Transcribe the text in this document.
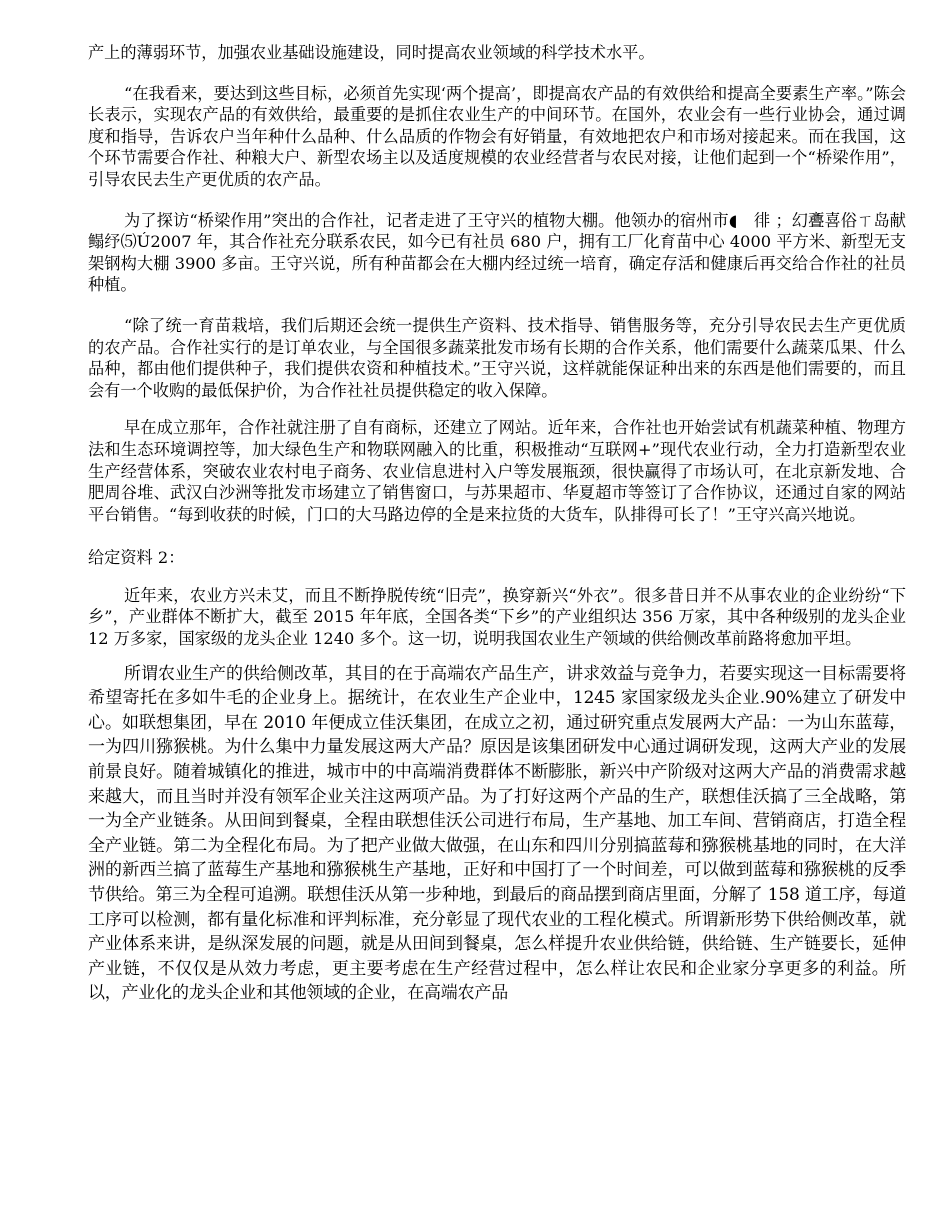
产上的薄弱环节，加强农业基础设施建设，同时提高农业领域的科学技术水平。

“在我看来，要达到这些目标，必须首先实现‘两个提高’，即提高农产品的有效供给和提高全要素生产率。”陈会长表示，实现农产品的有效供给，最重要的是抓住农业生产的中间环节。在国外，农业会有一些行业协会，通过调度和指导，告诉农户当年种什么品种、什么品质的作物会有好销量，有效地把农户和市场对接起来。而在我国，这个环节需要合作社、种粮大户、新型农场主以及适度规模的农业经营者与农民对接，让他们起到一个“桥梁作用”，引导农民去生产更优质的农产品。

为了探访“桥梁作用”突出的合作社，记者走进了王守兴的植物大棚。他领办的宿州市◖　徘 ；幻斖喜俗ㄒ岛献鳎纾⑸Ú2007 年，其合作社充分联系农民，如今已有社员 680 户，拥有工厂化育苗中心 4000 平方米、新型无支架钢构大棚 3900 多亩。王守兴说，所有种苗都会在大棚内经过统一培育，确定存活和健康后再交给合作社的社员种植。

“除了统一育苗栽培，我们后期还会统一提供生产资料、技术指导、销售服务等，充分引导农民去生产更优质的农产品。合作社实行的是订单农业，与全国很多蔬菜批发市场有长期的合作关系，他们需要什么蔬菜瓜果、什么品种，都由他们提供种子，我们提供农资和种植技术。”王守兴说，这样就能保证种出来的东西是他们需要的，而且会有一个收购的最低保护价，为合作社社员提供稳定的收入保障。

早在成立那年，合作社就注册了自有商标，还建立了网站。近年来，合作社也开始尝试有机蔬菜种植、物理方法和生态环境调控等，加大绿色生产和物联网融入的比重，积极推动“互联网+”现代农业行动，全力打造新型农业生产经营体系，突破农业农村电子商务、农业信息进村入户等发展瓶颈，很快赢得了市场认可，在北京新发地、合肥周谷堆、武汉白沙洲等批发市场建立了销售窗口，与苏果超市、华夏超市等签订了合作协议，还通过自家的网站平台销售。“每到收获的时候，门口的大马路边停的全是来拉货的大货车，队排得可长了！”王守兴高兴地说。

给定资料 2：

近年来，农业方兴未艾，而且不断挣脱传统“旧壳”，换穿新兴“外衣”。很多昔日并不从事农业的企业纷纷“下乡”，产业群体不断扩大，截至 2015 年年底，全国各类“下乡”的产业组织达 356 万家，其中各种级别的龙头企业 12 万多家，国家级的龙头企业 1240 多个。这一切，说明我国农业生产领域的供给侧改革前路将愈加平坦。

所谓农业生产的供给侧改革，其目的在于高端农产品生产，讲求效益与竞争力，若要实现这一目标需要将希望寄托在多如牛毛的企业身上。据统计，在农业生产企业中，1245 家国家级龙头企业.90%建立了研发中心。如联想集团，早在 2010 年便成立佳沃集团，在成立之初，通过研究重点发展两大产品：一为山东蓝莓，一为四川猕猴桃。为什么集中力量发展这两大产品？原因是该集团研发中心通过调研发现，这两大产业的发展前景良好。随着城镇化的推进，城市中的中高端消费群体不断膨胀，新兴中产阶级对这两大产品的消费需求越来越大，而且当时并没有领军企业关注这两项产品。为了打好这两个产品的生产，联想佳沃搞了三全战略，第一为全产业链条。从田间到餐桌，全程由联想佳沃公司进行布局，生产基地、加工车间、营销商店，打造全程全产业链。第二为全程化布局。为了把产业做大做强，在山东和四川分别搞蓝莓和猕猴桃基地的同时，在大洋洲的新西兰搞了蓝莓生产基地和猕猴桃生产基地，正好和中国打了一个时间差，可以做到蓝莓和猕猴桃的反季节供给。第三为全程可追溯。联想佳沃从第一步种地，到最后的商品摆到商店里面，分解了 158 道工序，每道工序可以检测，都有量化标准和评判标准，充分彰显了现代农业的工程化模式。所谓新形势下供给侧改革，就产业体系来讲，是纵深发展的问题，就是从田间到餐桌，怎么样提升农业供给链，供给链、生产链要长，延伸产业链，不仅仅是从效力考虑，更主要考虑在生产经营过程中，怎么样让农民和企业家分享更多的利益。所以，产业化的龙头企业和其他领域的企业，在高端农产品
